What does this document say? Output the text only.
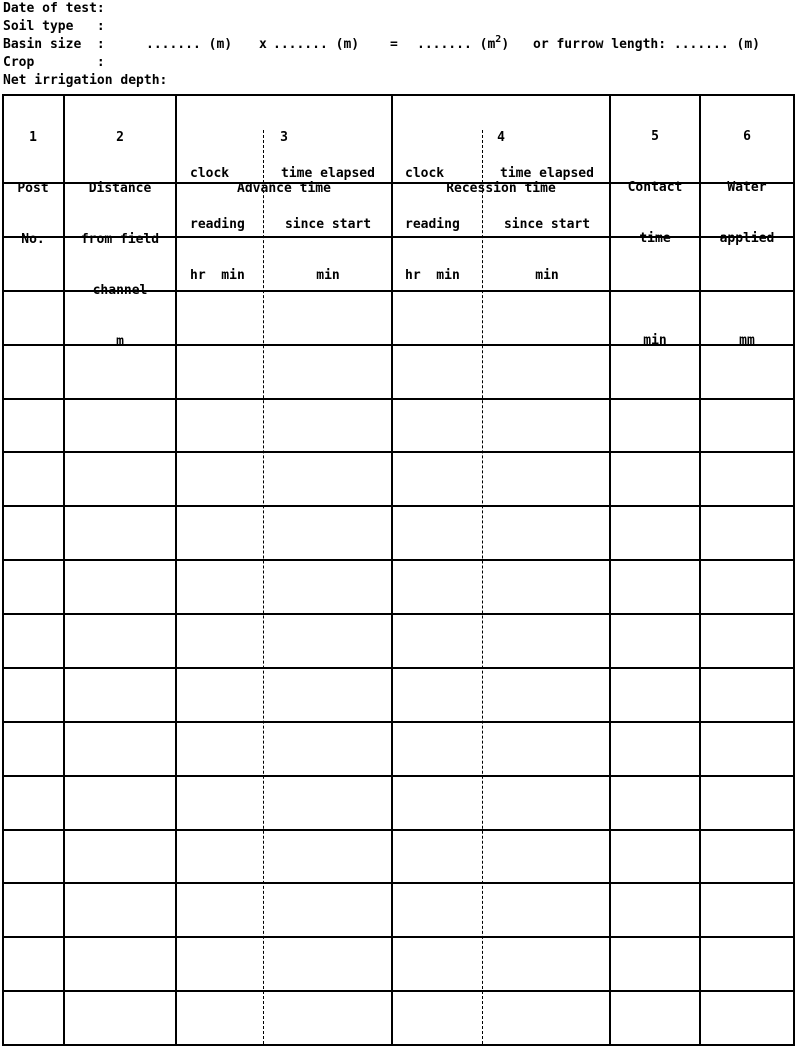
Date of test:

Soil type   :

Basin size  :

	....... (m)

x

....... (m)

=

....... $(m^2)$

or furrow length: ....... (m)

Crop        :

Net irrigation depth:

1

Post

No.

2

Distance

from field

channel

m

3

Advance time

clock

reading

hr  min

time elapsed

since start

min

4

Recession time

clock

reading

hr  min

time elapsed

since start

min

5

Contact

time

min

6

Water

applied

mm
